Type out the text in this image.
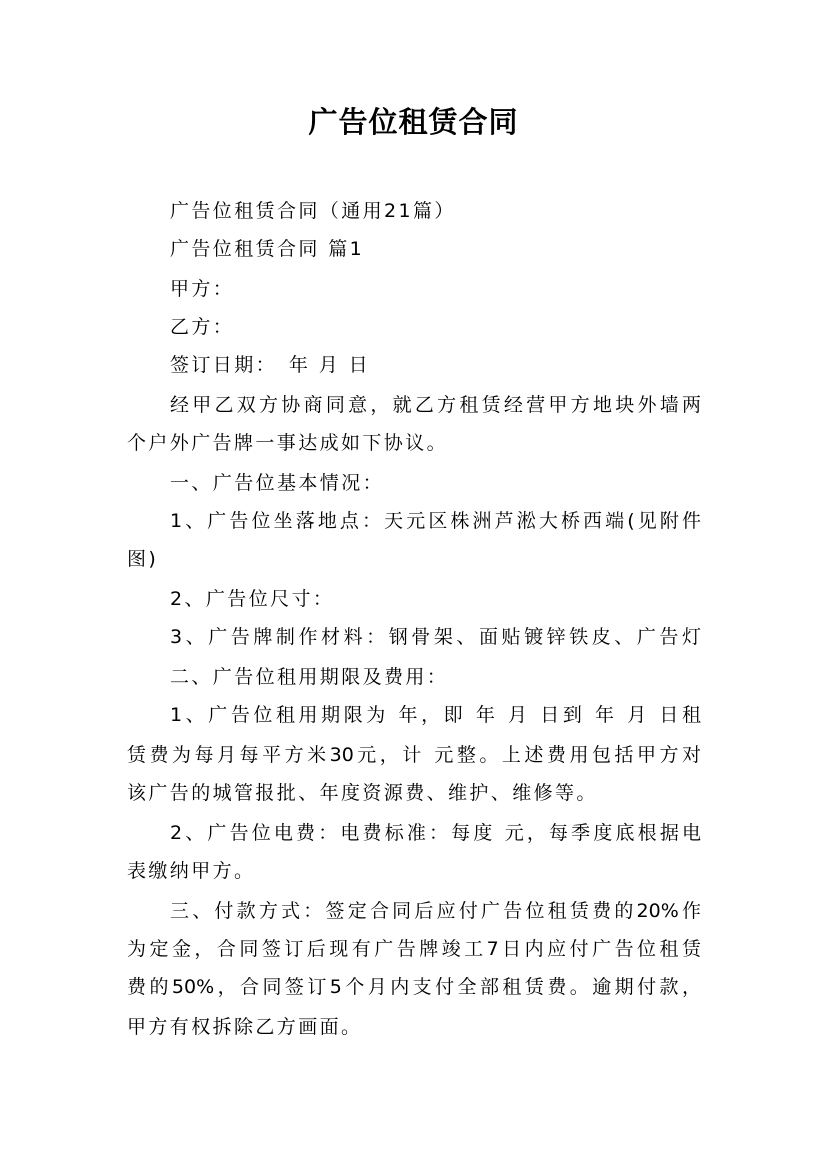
广告位租赁合同
广告位租赁合同（通用21篇）
广告位租赁合同 篇1
甲方：
乙方：
签订日期：　年 月 日
经甲乙双方协商同意，就乙方租赁经营甲方地块外墙两
个户外广告牌一事达成如下协议。
一、广告位基本情况：
1、广告位坐落地点：天元区株洲芦淞大桥西端(见附件
图)
2、广告位尺寸：
3、广告牌制作材料：钢骨架、面贴镀锌铁皮、广告灯
二、广告位租用期限及费用：
1、广告位租用期限为 年，即 年 月 日到 年 月 日租
赁费为每月每平方米30元，计 元整。上述费用包括甲方对
该广告的城管报批、年度资源费、维护、维修等。
2、广告位电费：电费标准：每度 元，每季度底根据电
表缴纳甲方。
三、付款方式：签定合同后应付广告位租赁费的20%作
为定金，合同签订后现有广告牌竣工7日内应付广告位租赁
费的50%，合同签订5个月内支付全部租赁费。逾期付款，
甲方有权拆除乙方画面。
